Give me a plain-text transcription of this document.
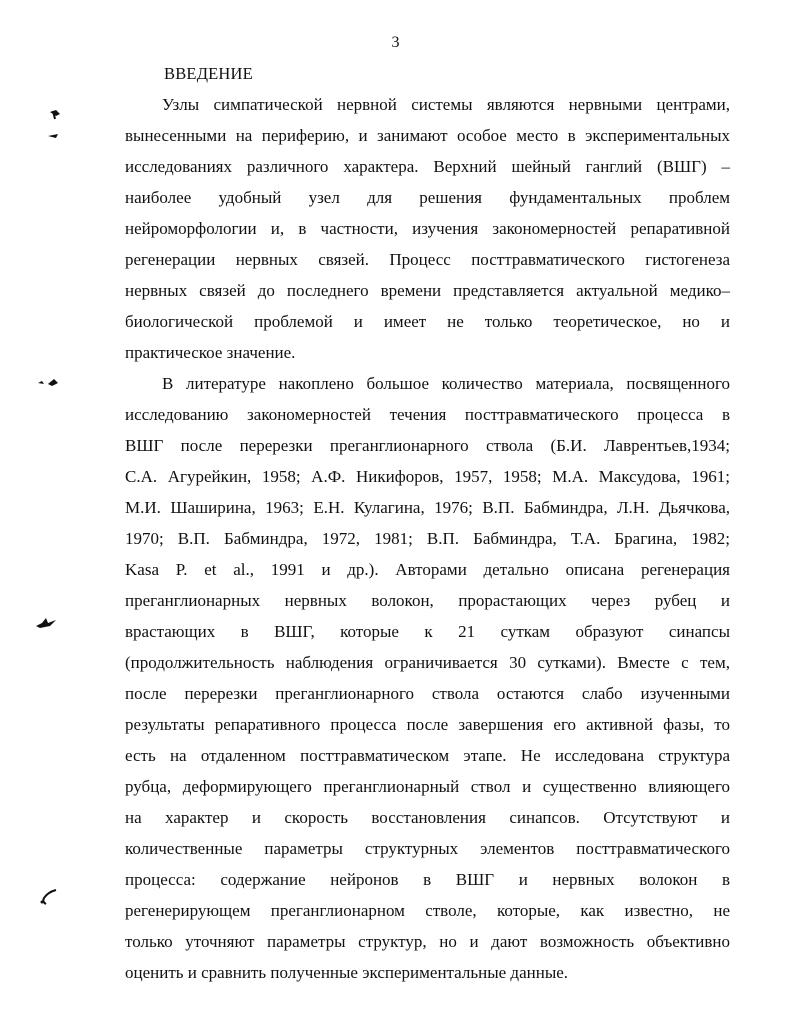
3
ВВЕДЕНИЕ
Узлы симпатической нервной системы являются нервными центрами,
вынесенными на периферию, и занимают особое место в экспериментальных
исследованиях различного характера. Верхний шейный ганглий (ВШГ) –
наиболее удобный узел для решения фундаментальных проблем
нейроморфологии и, в частности, изучения закономерностей репаративной
регенерации нервных связей. Процесс посттравматического гистогенеза
нервных связей до последнего времени представляется актуальной медико–
биологической проблемой и имеет не только теоретическое, но и
практическое значение.
В литературе накоплено большое количество материала, посвященного
исследованию закономерностей течения посттравматического процесса в
ВШГ после перерезки преганглионарного ствола (Б.И. Лаврентьев,1934;
С.А. Агурейкин, 1958; А.Ф. Никифоров, 1957, 1958; М.А. Максудова, 1961;
М.И. Шаширина, 1963; Е.Н. Кулагина, 1976; В.П. Бабминдра, Л.Н. Дьячкова,
1970; В.П. Бабминдра, 1972, 1981; В.П. Бабминдра, Т.А. Брагина, 1982;
Kasa P. et al., 1991 и др.). Авторами детально описана регенерация
преганглионарных нервных волокон, прорастающих через рубец и
врастающих в ВШГ, которые к 21 суткам образуют синапсы
(продолжительность наблюдения ограничивается 30 сутками). Вместе с тем,
после перерезки преганглионарного ствола остаются слабо изученными
результаты репаративного процесса после завершения его активной фазы, то
есть на отдаленном посттравматическом этапе. Не исследована структура
рубца, деформирующего преганглионарный ствол и существенно влияющего
на характер и скорость восстановления синапсов. Отсутствуют и
количественные параметры структурных элементов посттравматического
процесса: содержание нейронов в ВШГ и нервных волокон в
регенерирующем преганглионарном стволе, которые, как известно, не
только уточняют параметры структур, но и дают возможность объективно
оценить и сравнить полученные экспериментальные данные.
